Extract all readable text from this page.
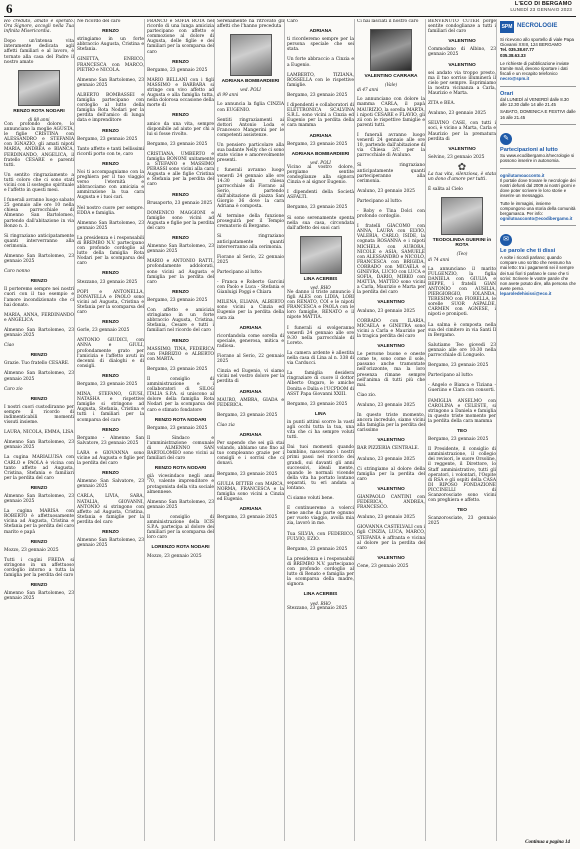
6	L'ECO DI BERGAMO
LUNEDÌ 23 GENNAIO 2023

Ho creduto, amato e sperato. Ora Signore, accogli nella Tua infinita Misericordia.

Dopo un'intensa vita interamente dedicata agli affetti familiari e al lavoro, è tornato alla casa del Padre il nostro amato

RENZO ROTA NODARI
di 88 anni

Con profondo dolore, lo annunciano la moglie AGUSTA, le figlie CRISTINA con ALESSANDRO e STEFANIA con IGNAZIO, gli amati nipoti MARIA, ANDREA e BIANCA, FERDINANDO, ANGELICA, il fratello CESARE e parenti tutti.

Un sentito ringraziamento a tutti coloro che ci sono stati vicini con il sostegno spirituale e l'affetto in questi mesi.

I funerali avranno luogo sabato 25 gennaio alle ore 10 nella chiesa parrocchiale di Almenno San Bartolomeo, partendo dall'abitazione in via Bonzo n. 3.

Si ringraziano anticipatamente quanti interverranno alla cerimonia.

Almenno San Bartolomeo, 23 gennaio 2025

Caro nonno

RENZO

Il porteremo sempre nei nostri cuori con il tuo esempio e l'amore incondizionato che ci hai donato.

MARIA, ANNA, FERDINANDO e ANGELICA

Almenno San Bartolomeo, 23 gennaio 2025

Ciao

RENZO

Grazie. Tuo fratello CESARE.

Almenno San Bartolomeo, 23 gennaio 2025

Caro zio

RENZO

I nostri cuori custodiranno per sempre il ricordo di indimenticabili momenti vissuti insieme.

LAURA, NICOLA, EMMA, LISA

Almenno San Bartolomeo, 23 gennaio 2025

La cugina MARIALUISA con CARLO e PAOLA è vicina con tanto affetto ad Augusta, Cristina, Stefania e familiari per la perdita del caro

RENZO

Almenno San Bartolomeo, 23 gennaio 2025

La cugina MARISA con ROBERTO è affettuosamente vicina ad Augusta, Cristina e Stefania per la perdita del caro marito e papà

RENZO

Mozzo, 23 gennaio 2025

Tutti i cugini FREDA si stringono in un affettuoso cordoglio intorno a tutta la famiglia per la perdita del caro

RENZO

Almenno San Bartolomeo, 23 gennaio 2025

Ne ricordo del caro

RENZO

stringiamo in un forte abbraccio Augusta, Cristina e Stefania.

GINETTA, ENRICO, FRANCESCA con MARCO, PIETRO e NICOLA.

Almenno San Bartolomeo, 23 gennaio 2025

ALBERTO BOMBASSEI e famiglia partecipano con cordoglio al lutto della famiglia Rota Nodari per la perdita dell'amico di lunga data e imprenditore

RENZO

Bergamo, 23 gennaio 2025

Tanto affetto e tanti bellissimi ricordi porto con te, caro

RENZO

Noi ti accompagniamo con la preghiera per il tuo viaggio verso l'eternità e abbracciamo con amicizia e ammirazione la tua cara Augusta e i tuoi cari.

Nel nostro cuore per sempre. EDDA e famiglia.

Almenno San Bartolomeo, 23 gennaio 2025

La presidenza e i responsabili di BREMBO N.V. partecipano con profondo cordoglio al lutto della famiglia Rota Nodari per la scomparsa del caro

RENZO

Stezzano, 23 gennaio 2025

POPI e ANTONELLA, DONATELLA e PAOLO sono vicini ad Augusta, Cristina e Stefania per la scomparsa del caro

RENZO

Gorle, 23 gennaio 2025

ANTONIO GIUDICI, con ANNA e GIULI, profondamente grato per l'amicizia e l'affetto avuti in decenni di dialoghi e di consigli.

RENZO

Bergamo, 23 gennaio 2025

MINA, STEFANO, GIUSI, NATASHA e rispettive famiglie si stringono ad Augusta, Stefania, Cristina e tutti i familiari per la scomparsa del caro

RENZO

Bergamo - Almenno San Salvatore, 23 gennaio 2025

LARA e GIOVANNA sono vicine ad Augusta e figlie per la perdita del caro

RENZO

Almenno San Salvatore, 23 gennaio 2025

CARLA, LIVIA, SARA, NATALIA, GIOVANNI, ANTONIO si stringono con affetto ad Augusta, Cristina, Stefania e famiglie per la perdita del caro

RENZO

Almenno San Bartolomeo, 23 gennaio 2025

FRANCO e SOFIA ROTA nel ricordo di una lunga amicizia partecipano con affetto e commozione al dolore di Augusta, delle figlie e dei familiari per la scomparsa del caro

RENZO

Bergamo, 23 gennaio 2025

MARIO BELLANI con i figli MASSIMO e BARBARA si stringe con vivo affetto ad Augusta e alla famiglia tutta, nella dolorosa occasione della morte di

RENZO

amico da una vita, sempre disponibile ad aiuto per chi a lui si fosse rivolto.

Bergamo, 23 gennaio 2025

CRISTIANA, UMBERTO e famiglia BONONI unitamente a STEFANO e MASSIMO PERASSI sono vicini alla cara Augusta e alle figlie Cristina e Stefania per la perdita del caro

RENZO

Brusaporto, 23 gennaio 2025

DOMENICO MAGGIONI e famiglie sono vicini ad Augusta e figlie per la perdita del caro

RENZO

Almenno San Bartolomeo, 23 gennaio 2025

MARIO e ANTONIO RATTI, profondamente addolorati, sono vicini ad Augusta e famiglia per la perdita del caro

RENZO

Bergamo, 23 gennaio 2025

Con affetto e amicizia stringiamo in un forte abbraccio Augusta, Cristina, Stefania, Cesare e tutti i familiari nel ricordo del caro

RENZO

MASSIMO, TINA, FEDERICA con FABRIZIO e ALBERTO con MARTA.

Bergamo, 23 gennaio 2025

Il consiglio di amministrazione e i collaboratori di SILOG ITALIA S.P.A. si uniscono al dolore della famiglia Rota Nodari per la scomparsa del caro e stimato fondatore

RENZO ROTA NODARI

Bergamo, 23 gennaio 2025

Il Sindaco e l'amministrazione comunale di ALMENNO SAN BARTOLOMEO sono vicini ai familiari del caro

RENZO ROTA NODARI

già vicesindaco negli anni '70, valente imprenditore e protagonista della vita sociale almennese.

Almenno San Bartolomeo, 23 gennaio 2025

Il consiglio di amministrazione della ICIS S.P.A. partecipa al dolore dei familiari per la scomparsa del loro caro

LORENZO ROTA NODARI

Mozzo, 23 gennaio 2025

Serenamente ha ritrovato gli affetti che l'hanno preceduta

ADRIANA BOMBARDIERI
ved. POLI

di 99 anni

Lo annuncia la figlia CINZIA con EUGENIO.

Sentiti ringraziamenti ai dottori Antonio Loda e Francesco Mangerini per le competenti assistenze.

Un pensiero particolare alla sua badante Nelly che ci sono state vicine e amorevolmente presenti.

I funerali avranno luogo venerdì 24 gennaio alle ore 14:30 nella chiesa parrocchiale di Fiorano al Serio, partendo dall'abitazione di piazza San Giorgio 36 dove la cara Adriana è composta.

Al termine della funzione proseguirà per il Tempio crematorio di Bergamo.

Si ringraziano anticipatamente quanti interverranno alla cerimonia.

Fiorano al Serio, 22 gennaio 2025

Partecipano al lutto:

- Franca e Roberto Garcini con Paolo e Luca - Stefania e Gianluigi Poggi e Chiara

MILENA, ELIANA, ALBERTO sono vicini a Cinzia ed Eugenio per la perdita della cara zia

ADRIANA

ricordandola come sorella di speciale, generosa, mitica e radiosa.

Fiorano al Serio, 22 gennaio 2025

Cinzia ed Eugenio, vi siamo vicini nel vostro dolore per la perdita di

ADRIANA

MAURO, AMBRA, GIADA e FEDERICA.

Bergamo, 23 gennaio 2025

Ciao zia

ADRIANA

Per sapendo che sei già stai volando, abbiamo uno fino al tuo compleanno grazie per i consigli e i sorrisi che ci donavi.

Bergamo, 23 gennaio 2025

GIULIA BITTEB con MARCA, NORMA, FRANCESCA e la famiglia sono vicini a Cinzia ed Eugenio.

ADRIANA

Bergamo, 23 gennaio 2025

Caro

ADRIANA

ti ricorderemo sempre per la persona speciale che sei stata.

Un forte abbraccio a Cinzia e a Eugenio.

LAMBERTO, TIZIANA, ROSSELLA con le rispettive famiglie.

Bergamo, 23 gennaio 2025

I dipendenti e collaboratori di ELETTRONICA SCALVINA S.R.L. sono vicini a Cinzia ed Eugenio per la perdita della cara mamma

ADRIANA

Bergamo, 23 gennaio 2025

ADRIANA BOMBARDIERI
ved. POLI

Vicino al vostro dolore, porgiamo sentite condoglianze alla signora Cinzia e al signor Eugenio.

I dipendenti della Società ASFALTI.

Bergamo, 23 gennaio 2025

Si sono serenamente spenta nella sua casa, circondata dall'affetto dei suoi cari

LINA ACERBIS
ved. RHO

Ne danno il triste annuncio i figli ALES con LIDIA, LORI con RENATO, COI e le nipoti FRANCESCA e PAOLA con le loro famiglie, RENATO e il nipote MATTIA.

I funerali si svolgeranno venerdì 24 gennaio alle ore 9:30 nella parrocchiale di Loreto.

La camera ardente è allestita nella casa di Lina al n. 338 di via Carducci.

La famiglia desidera ringraziare di cuore il dottor Alberto Ongaro, le amiche Donita e Dalia e l'UCPDOM di ASST Papa Giovanni XXIII.

Bergamo, 23 gennaio 2025

LINA

in punti attimi scorre la vasti agli occhi tutta la tua, una vita che ci ha sempre voluti tutti.

Dai tuoi momenti quando bambino, nascevamo i nostri primi passi nel ricordo dei grandi, sui davanti gli anni successivi, ideali mente, quando le normali vicende della vita ha portato lontano separati, tu eri andata a lontano.

Ci siamo voluti bene.

E continueremo a volerci bene anche da parte ognuno per vuoto viaggio, avolla mia zia, lavorò in me.

Tua SILVIA, con FEDERICO, FULVIO, EZIO.

Bergamo, 23 gennaio 2025

La presidenza e i responsabili di BREMBO N.V. partecipano con profondo cordoglio al lutto di Renato e famiglia per la scomparsa della madre, signora

LINA ACERBIS
ved. RHO

Stezzano, 23 gennaio 2025

Ci hai lasciati il nostro caro

VALENTINO CARRARA
(Vale)

di 47 anni

Lo annunciano con dolore la mamma CARLA, il papà MAURIZIO, la sorella MARTA, i nipoti CESARE e FLAVIO, gli zii con le rispettive famiglie e parenti tutti.

I funerali avranno luogo venerdì 24 gennaio alle ore 10, partendo dall'abitazione di via Chiesa 2/C per la parrocchiale di Avaluno.

Si ringraziano anticipatamente quanti parteciperanno alla cerimonia.

Avaluno, 23 gennaio 2025

Partecipano al lutto:

- Roby e Tina Dolci con profondo cordoglio.

I fratelli GIACOMO con ANNA, LAURA con ELVIO, VALERIA, CARLO, ISIDE, la cognata ROSANNA e i nipoti MICHELA con AURORA, NICOLE e ASIA, SAMUELE con ALESSANDRO e NICOLÒ, FRANCESCA con BRIGIDA, CORRADO con MICAELA e GINEVRA, LUCIO con LUCA e SOFIA, DARIO, MIRKO con MATTIA, MATTEO sono vicini a Carla, Maurizio e Marta per la perdita del caro

VALENTINO

Avaluno, 23 gennaio 2025

CORRADO con ILARIA, MICAELA e GINETRA sono vicini a Carla e Maurizio per la tragica perdita del caro

VALENTINO

Le persone buone e oneste come te, sono come il sole, passano anche tramontate nell'orizzonte, ma la loro presenza rimane sempre nell'anima di tutti più che mai.

Ciao zio.

Avaluno, 23 gennaio 2025

In questo triste momento, ancora incredulo, siamo vicini alla famiglia per la perdita del carissimo

VALENTINO

BAR PIZZERIA CENTRALE.

Avaluno, 23 gennaio 2025

Ci stringiamo al dolore della famiglia per la perdita del caro

VALENTINO

GIANPAOLO CANTINI con FEDERICA, ANDREA, FRANCESCO.

Avaluno, 23 gennaio 2025

GIOVANNA CASTELVALI con i figli CINZIA, LUCA, MARCO, STEFANIA è affranta e vicina al dolore per la perdita del caro

VALENTINO

Cene, 23 gennaio 2025

BENVENUTO CUTER porge sentite condoglianze a tutti i familiari del caro

VALENTINO

Commodano di Albino, 23 gennaio 2025

VALENTINO

sei andato via troppo presto, ma il tuo sorriso illuminerà il cielo per sempre. Esprimiamo la nostra vicinanza a Carla, Maurizio e Marta.

ZITA e BEA.

Avaluno, 23 gennaio 2025

SELVINO CASE, con tutti i soci, è vicino a Marta, Carla e Maurizio per la prematura perdita di

VALENTINO

Selvino, 23 gennaio 2025

✿

La tua vita, silenziosa, è stata un dono d'amore per tutti.

È salita al Cielo

TEODOLINDA GUERINI in ROTA
(Teo)

di 74 anni

La annunciano il marito FULGENZIO, la figlia DANIELA con GIULIA e BEPPE, i fratelli GIAN ANTONIO con AUSILIA, PIERGIORGIO, IOLANDA, TERESINO con FIORELLA, le sorelle SUOR ASPALDE, CARMEN con AGNESE, i nipoti e pronipoti.

La salma è composta nella sua del cimitero in via Santi Il in Bergamo.

Salutiamo Teo giovedì 23 gennaio alle ore 10:30 nella parrocchiale di Longuelo.

Bergamo, 23 gennaio 2025

Partecipano al lutto:

- Angelo e Bianca e Tiziana - Gueriino e Clara con consorti.

FAMIGLIA ANSELMO con CAROLINA e CELESTE, si stringono a Daniela e famiglia in questo triste momento per la perdita della cara mamma

TEO

Bergamo, 23 gennaio 2025

Il Presidente, il consiglio di amministrazione, il collegio dei revisori, le suore Orsoline, il reggente, il Direttore, lo Staff amministrativo, tutti gli operatori, i volontari, l'Ospite di RSA e gli ospiti della CASA DI RIPOSO FONDAZIONE PICCINELLI di Scanzorosciate sono vicini con preghiera e affetto.

TEO

Scanzorosciate, 23 gennaio 2025

SPM NECROLOGIE
Si ricevono allo sportello di viale Papa Giovanni XXIII, 124 BERGAMO
Tel. 035.38.67.77
035.38.63.33
Le richieste di pubblicazione inviate tramite mail, devono riportare i dati fiscali e un recapito telefonico
necro@spm.it
Orari
dal LUNEDÌ al VENERDÌ dalle 8.30 alle 12.30 dalle 14 alle 21.45
SABATO, DOMENICA E FESTIVI dalle 16 alle 21.45
✎
Partecipazioni al lutto
Su www.ecodibergamo.it/necrologie si possono inserire in autonomia.
ognilutamoacconto.it
Il portale dove trovare le necrologie dei nostri defunti dal 2009 ai nostri giorni e dove poter scrivere le loro storie e inserire un messaggio.
Tutte le immagini, insieme compongono una storia della comunità bergamasca. Per info:
ognilutoacconto@ecodibergamo.it
✉
Le parole che ti dissi
A volte i ricordi parlano; quando compare uno scritto che nessuno ha mai letto: tra i pagamenti sei il sempre dei tuoi fiori ti parlano le cose che ti scrivi: Scrivere le vostre parole che non avete potuto dire, alla persona che avete perso.
leparoledehisissi@eco.it
Continua a pagina 14
